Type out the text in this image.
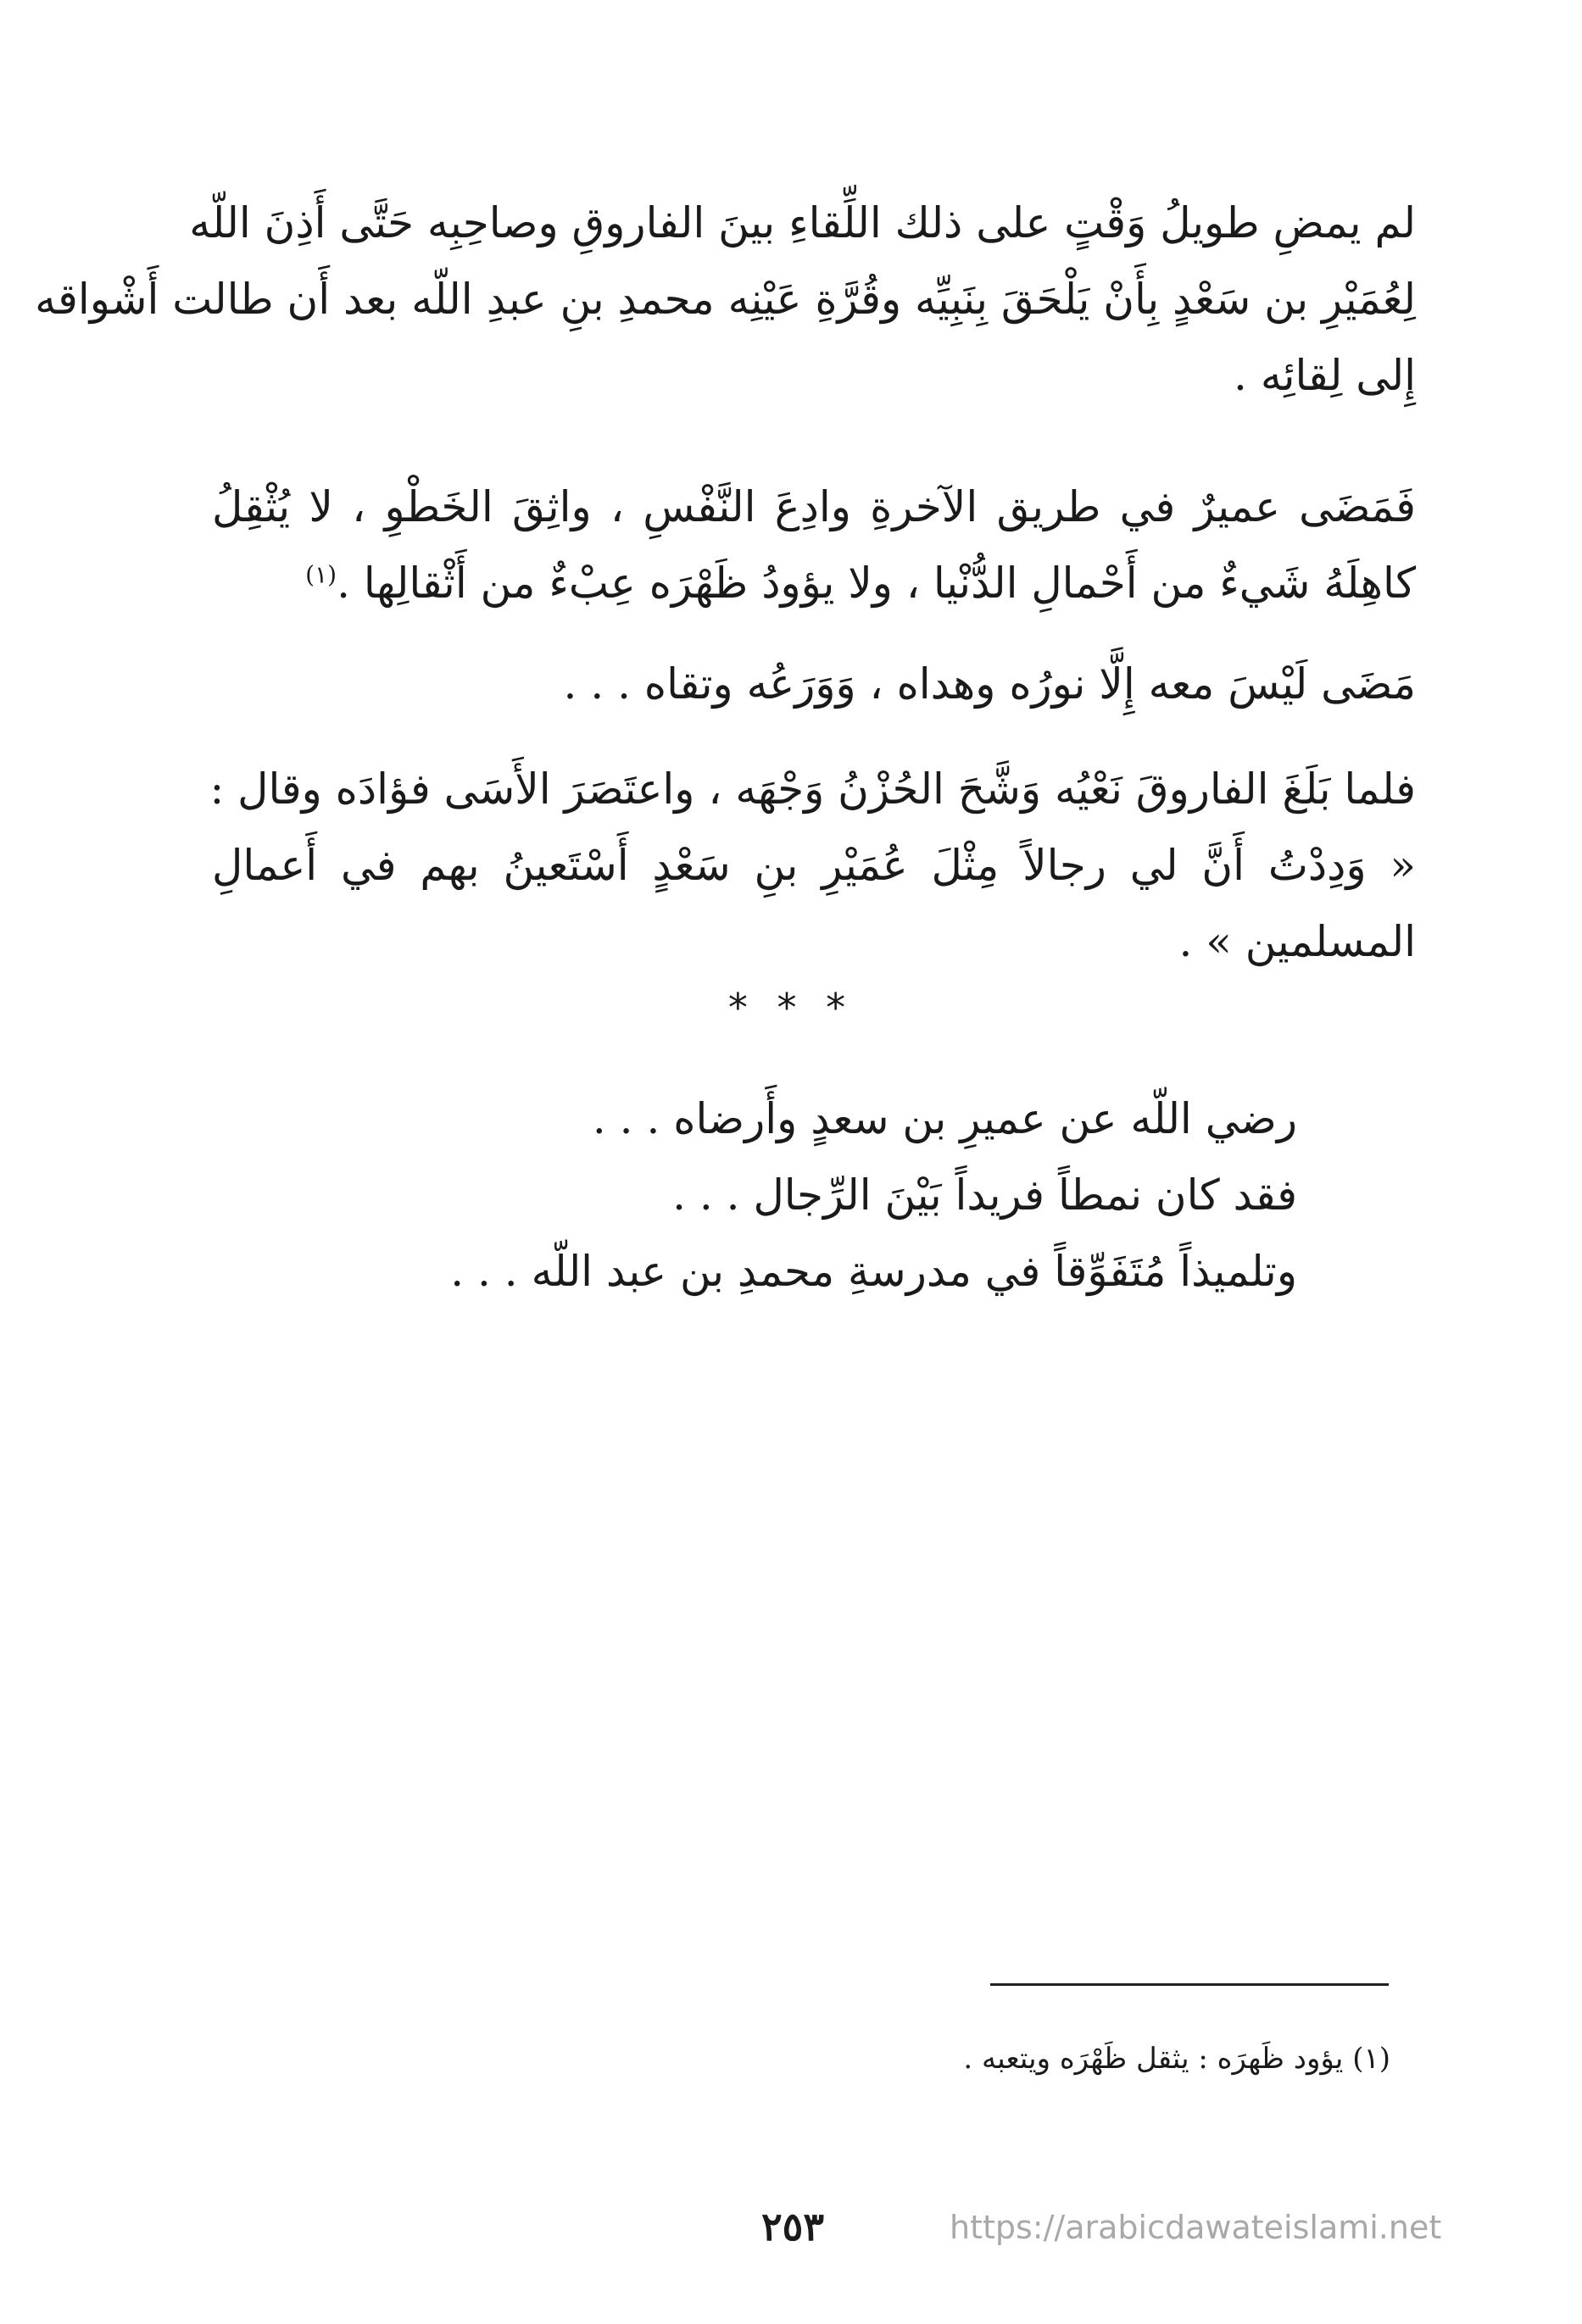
لم يمضِ طويلُ وَقْتٍ على ذلك اللِّقاءِ بينَ الفاروقِ وصاحِبِه حَتَّى أَذِنَ اللّه
لِعُمَيْرِ بن سَعْدٍ بِأَنْ يَلْحَقَ بِنَبِيِّه وقُرَّةِ عَيْنِه محمدِ بنِ عبدِ اللّه بعد أَن طالت أَشْواقه
إِلى لِقائِه .
فَمَضَى عميرٌ في طريق الآخرةِ وادِعَ النَّفْسِ ، واثِقَ الخَطْوِ ، لا يُثْقِلُ
كاهِلَهُ شَيءٌ من أَحْمالِ الدُّنْيا ، ولا يؤودُ ظَهْرَه عِبْءٌ من أَثْقالِها .$^{(١)}$
مَضَى لَيْسَ معه إِلَّا نورُه وهداه ، وَوَرَعُه وتقاه . . .
فلما بَلَغَ الفاروقَ نَعْيُه وَشَّحَ الحُزْنُ وَجْهَه ، واعتَصَرَ الأَسَى فؤادَه وقال :
« وَدِدْتُ أَنَّ لي رجالاً مِثْلَ عُمَيْرِ بنِ سَعْدٍ أَسْتَعينُ بهم في أَعمالِ
المسلمين » .
* * *
رضي اللّه عن عميرِ بن سعدٍ وأَرضاه . . .
فقد كان نمطاً فريداً بَيْنَ الرِّجال . . .
وتلميذاً مُتَفَوِّقاً في مدرسةِ محمدِ بن عبد اللّه . . .
(١) يؤود ظَهرَه : يثقل ظَهْرَه ويتعبه .
٢٥٣	https://arabicdawateislami.net
